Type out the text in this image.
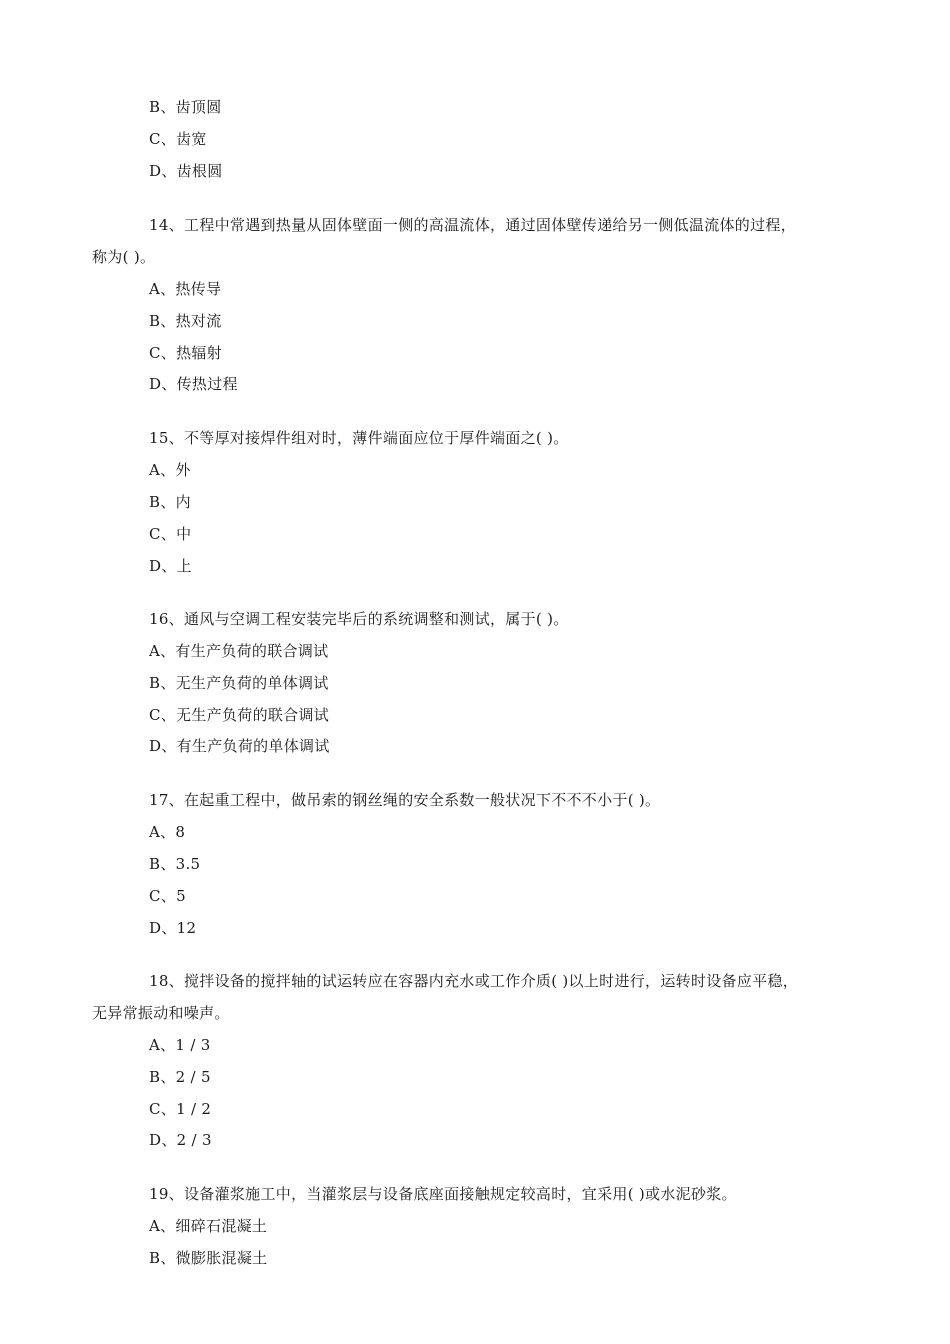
B、齿顶圆
C、齿宽
D、齿根圆
14、工程中常遇到热量从固体壁面一侧的高温流体，通过固体壁传递给另一侧低温流体的过程，
称为( )。
A、热传导
B、热对流
C、热辐射
D、传热过程
15、不等厚对接焊件组对时，薄件端面应位于厚件端面之( )。
A、外
B、内
C、中
D、上
16、通风与空调工程安装完毕后的系统调整和测试，属于( )。
A、有生产负荷的联合调试
B、无生产负荷的单体调试
C、无生产负荷的联合调试
D、有生产负荷的单体调试
17、在起重工程中，做吊索的钢丝绳的安全系数一般状况下不不不小于( )。
A、8
B、3.5
C、5
D、12
18、搅拌设备的搅拌轴的试运转应在容器内充水或工作介质( )以上时进行，运转时设备应平稳，
无异常振动和噪声。
A、1 / 3
B、2 / 5
C、1 / 2
D、2 / 3
19、设备灌浆施工中，当灌浆层与设备底座面接触规定较高时，宜采用( )或水泥砂浆。
A、细碎石混凝土
B、微膨胀混凝土
